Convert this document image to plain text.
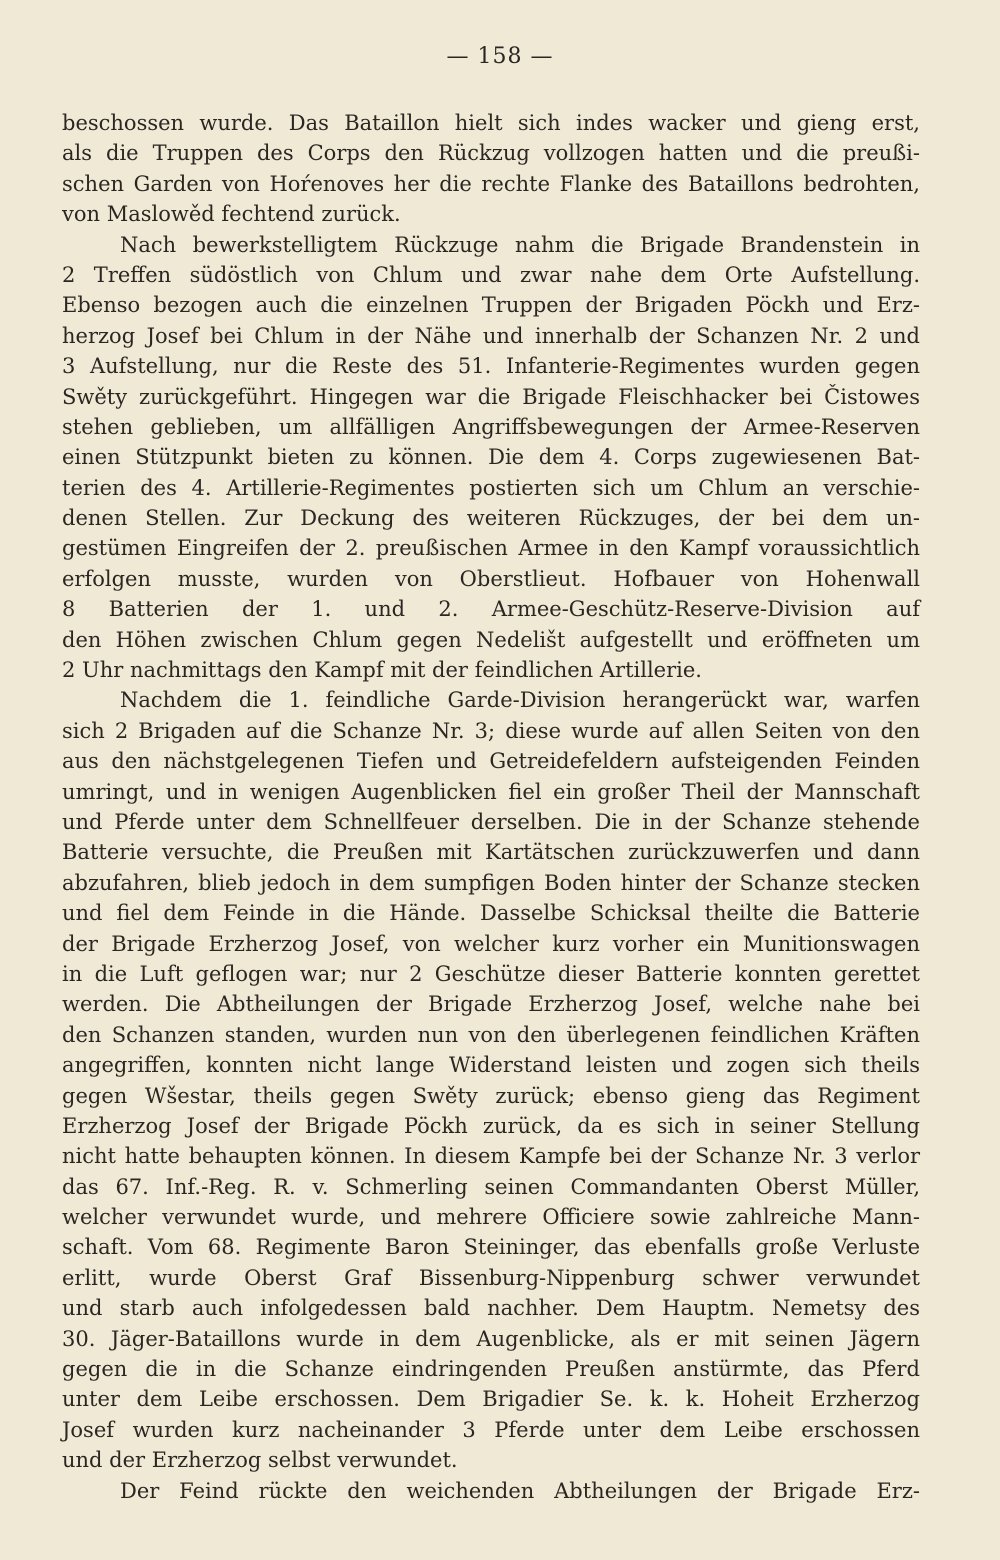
— 158 —
beschossen wurde. Das Bataillon hielt sich indes wacker und gieng erst,
als die Truppen des Corps den Rückzug vollzogen hatten und die preußi-
schen Garden von Hoŕenoves her die rechte Flanke des Bataillons bedrohten,
von Maslowěd fechtend zurück.
Nach bewerkstelligtem Rückzuge nahm die Brigade Brandenstein in
2 Treffen südöstlich von Chlum und zwar nahe dem Orte Aufstellung.
Ebenso bezogen auch die einzelnen Truppen der Brigaden Pöckh und Erz-
herzog Josef bei Chlum in der Nähe und innerhalb der Schanzen Nr. 2 und
3 Aufstellung, nur die Reste des 51. Infanterie-Regimentes wurden gegen
Swěty zurückgeführt. Hingegen war die Brigade Fleischhacker bei Čistowes
stehen geblieben, um allfälligen Angriffsbewegungen der Armee-Reserven
einen Stützpunkt bieten zu können. Die dem 4. Corps zugewiesenen Bat-
terien des 4. Artillerie-Regimentes postierten sich um Chlum an verschie-
denen Stellen. Zur Deckung des weiteren Rückzuges, der bei dem un-
gestümen Eingreifen der 2. preußischen Armee in den Kampf voraussichtlich
erfolgen musste, wurden von Oberstlieut. Hofbauer von Hohenwall
8 Batterien der 1. und 2. Armee-Geschütz-Reserve-Division auf
den Höhen zwischen Chlum gegen Nedelišt aufgestellt und eröffneten um
2 Uhr nachmittags den Kampf mit der feindlichen Artillerie.
Nachdem die 1. feindliche Garde-Division herangerückt war, warfen
sich 2 Brigaden auf die Schanze Nr. 3; diese wurde auf allen Seiten von den
aus den nächstgelegenen Tiefen und Getreidefeldern aufsteigenden Feinden
umringt, und in wenigen Augenblicken fiel ein großer Theil der Mannschaft
und Pferde unter dem Schnellfeuer derselben. Die in der Schanze stehende
Batterie versuchte, die Preußen mit Kartätschen zurückzuwerfen und dann
abzufahren, blieb jedoch in dem sumpfigen Boden hinter der Schanze stecken
und fiel dem Feinde in die Hände. Dasselbe Schicksal theilte die Batterie
der Brigade Erzherzog Josef, von welcher kurz vorher ein Munitionswagen
in die Luft geflogen war; nur 2 Geschütze dieser Batterie konnten gerettet
werden. Die Abtheilungen der Brigade Erzherzog Josef, welche nahe bei
den Schanzen standen, wurden nun von den überlegenen feindlichen Kräften
angegriffen, konnten nicht lange Widerstand leisten und zogen sich theils
gegen Wšestar, theils gegen Swěty zurück; ebenso gieng das Regiment
Erzherzog Josef der Brigade Pöckh zurück, da es sich in seiner Stellung
nicht hatte behaupten können. In diesem Kampfe bei der Schanze Nr. 3 verlor
das 67. Inf.-Reg. R. v. Schmerling seinen Commandanten Oberst Müller,
welcher verwundet wurde, und mehrere Officiere sowie zahlreiche Mann-
schaft. Vom 68. Regimente Baron Steininger, das ebenfalls große Verluste
erlitt, wurde Oberst Graf Bissenburg-Nippenburg schwer verwundet
und starb auch infolgedessen bald nachher. Dem Hauptm. Nemetsy des
30. Jäger-Bataillons wurde in dem Augenblicke, als er mit seinen Jägern
gegen die in die Schanze eindringenden Preußen anstürmte, das Pferd
unter dem Leibe erschossen. Dem Brigadier Se. k. k. Hoheit Erzherzog
Josef wurden kurz nacheinander 3 Pferde unter dem Leibe erschossen
und der Erzherzog selbst verwundet.
Der Feind rückte den weichenden Abtheilungen der Brigade Erz-
